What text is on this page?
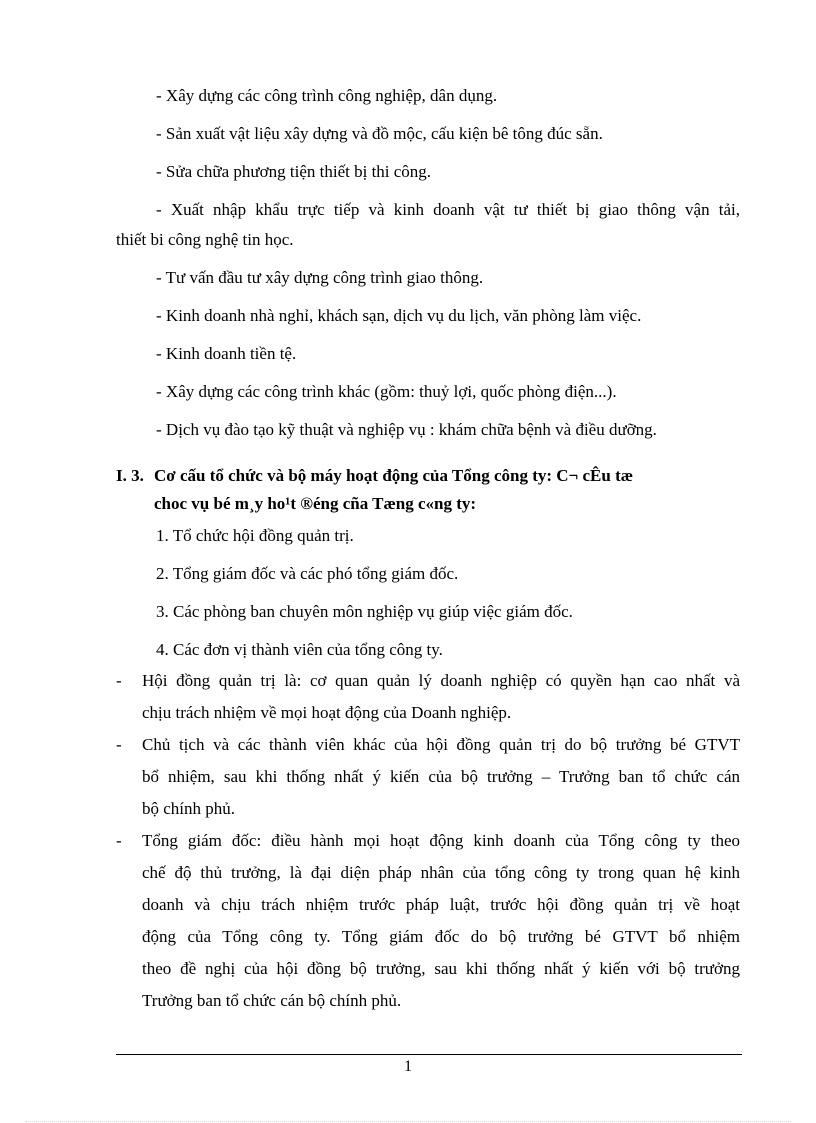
- Xây dựng các công trình công nghiệp, dân dụng.
- Sản xuất vật liệu xây dựng và đồ mộc, cấu kiện bê tông đúc sẵn.
- Sửa chữa phương tiện thiết bị thi công.
- Xuất nhập khẩu trực tiếp và kinh doanh vật tư thiết bị giao thông vận tải,
thiết bi công nghệ tin học.
- Tư vấn đầu tư xây dựng công trình giao thông.
- Kinh doanh nhà nghỉ, khách sạn, dịch vụ du lịch, văn phòng làm việc.
- Kinh doanh tiền tệ.
- Xây dựng các công trình khác (gồm: thuỷ lợi, quốc phòng điện...).
- Dịch vụ đào tạo kỹ thuật và nghiệp vụ : khám chữa bệnh và điều dưỡng.
I. 3. Cơ cấu tổ chức và bộ máy hoạt động của Tổng công ty: C¬ cÊu tæ
choc vụ bé m¸y ho¹t ®éng cña Tæng c«ng ty:
1. Tổ chức hội đồng quản trị.
2. Tổng giám đốc và các phó tổng giám đốc.
3. Các phòng ban chuyên môn nghiệp vụ giúp việc giám đốc.
4. Các đơn vị thành viên của tổng công ty.
- Hội đồng quản trị là: cơ quan quản lý doanh nghiệp có quyền hạn cao nhất và
chịu trách nhiệm về mọi hoạt động của Doanh nghiệp.
- Chủ tịch và các thành viên khác của hội đồng quản trị do bộ trưởng bé GTVT
bổ nhiệm, sau khi thống nhất ý kiến của bộ trưởng – Trưởng ban tổ chức cán
bộ chính phủ.
- Tổng giám đốc: điều hành mọi hoạt động kinh doanh của Tổng công ty theo
chế độ thủ trưởng, là đại diện pháp nhân của tổng công ty trong quan hệ kinh
doanh và chịu trách nhiệm trước pháp luật, trước hội đồng quản trị về hoạt
động của Tổng công ty. Tổng giám đốc do bộ trưởng bé GTVT bổ nhiệm
theo đề nghị của hội đồng bộ trưởng, sau khi thống nhất ý kiến với bộ trưởng
Trưởng ban tổ chức cán bộ chính phủ.
1
